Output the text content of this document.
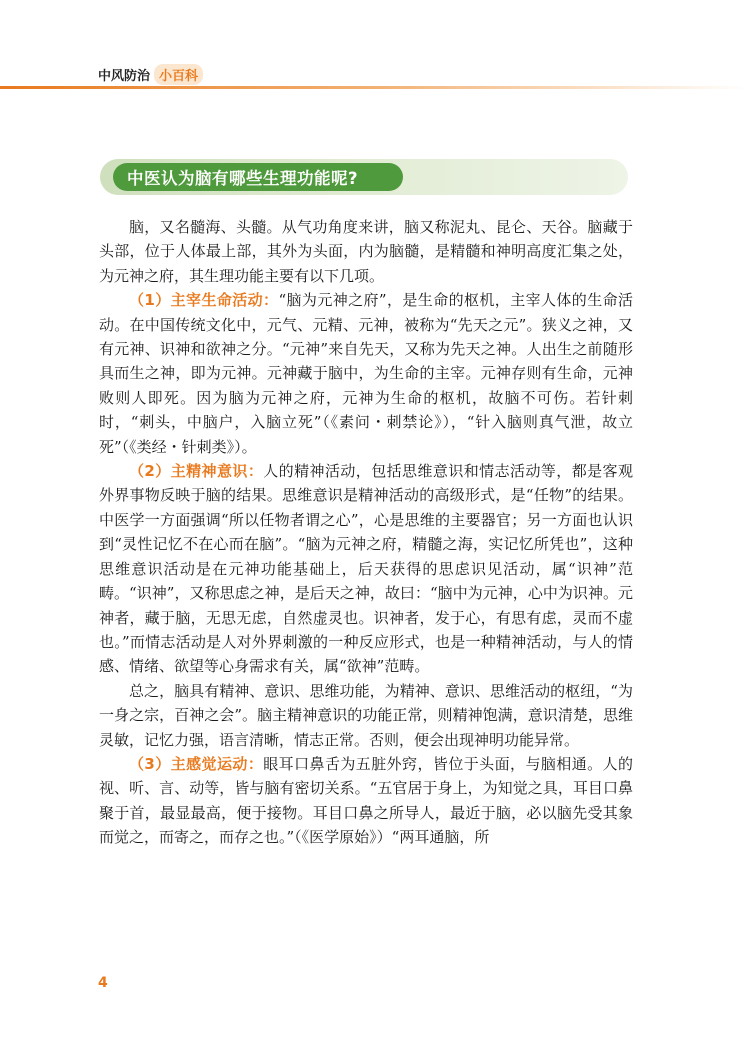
中风防治 小百科
中医认为脑有哪些生理功能呢?

脑，又名髓海、头髓。从气功角度来讲，脑又称泥丸、昆仑、天谷。脑藏于头部，位于人体最上部，其外为头面，内为脑髓，是精髓和神明高度汇集之处，为元神之府，其生理功能主要有以下几项。

（1）主宰生命活动：“脑为元神之府”，是生命的枢机，主宰人体的生命活动。在中国传统文化中，元气、元精、元神，被称为“先天之元”。狭义之神，又有元神、识神和欲神之分。“元神”来自先天，又称为先天之神。人出生之前随形具而生之神，即为元神。元神藏于脑中，为生命的主宰。元神存则有生命，元神败则人即死。因为脑为元神之府，元神为生命的枢机，故脑不可伤。若针刺时，“刺头，中脑户，入脑立死”（《素问・刺禁论》），“针入脑则真气泄，故立死”（《类经・针刺类》）。

（2）主精神意识：人的精神活动，包括思维意识和情志活动等，都是客观外界事物反映于脑的结果。思维意识是精神活动的高级形式，是“任物”的结果。中医学一方面强调“所以任物者谓之心”，心是思维的主要器官；另一方面也认识到“灵性记忆不在心而在脑”。“脑为元神之府，精髓之海，实记忆所凭也”，这种思维意识活动是在元神功能基础上，后天获得的思虑识见活动，属“识神”范畴。“识神”，又称思虑之神，是后天之神，故曰：“脑中为元神，心中为识神。元神者，藏于脑，无思无虑，自然虚灵也。识神者，发于心，有思有虑，灵而不虚也。”而情志活动是人对外界刺激的一种反应形式，也是一种精神活动，与人的情感、情绪、欲望等心身需求有关，属“欲神”范畴。

总之，脑具有精神、意识、思维功能，为精神、意识、思维活动的枢纽，“为一身之宗，百神之会”。脑主精神意识的功能正常，则精神饱满，意识清楚，思维灵敏，记忆力强，语言清晰，情志正常。否则，便会出现神明功能异常。

（3）主感觉运动：眼耳口鼻舌为五脏外窍，皆位于头面，与脑相通。人的视、听、言、动等，皆与脑有密切关系。“五官居于身上，为知觉之具，耳目口鼻聚于首，最显最高，便于接物。耳目口鼻之所导人，最近于脑，必以脑先受其象而觉之，而寄之，而存之也。”（《医学原始》）“两耳通脑，所

4
